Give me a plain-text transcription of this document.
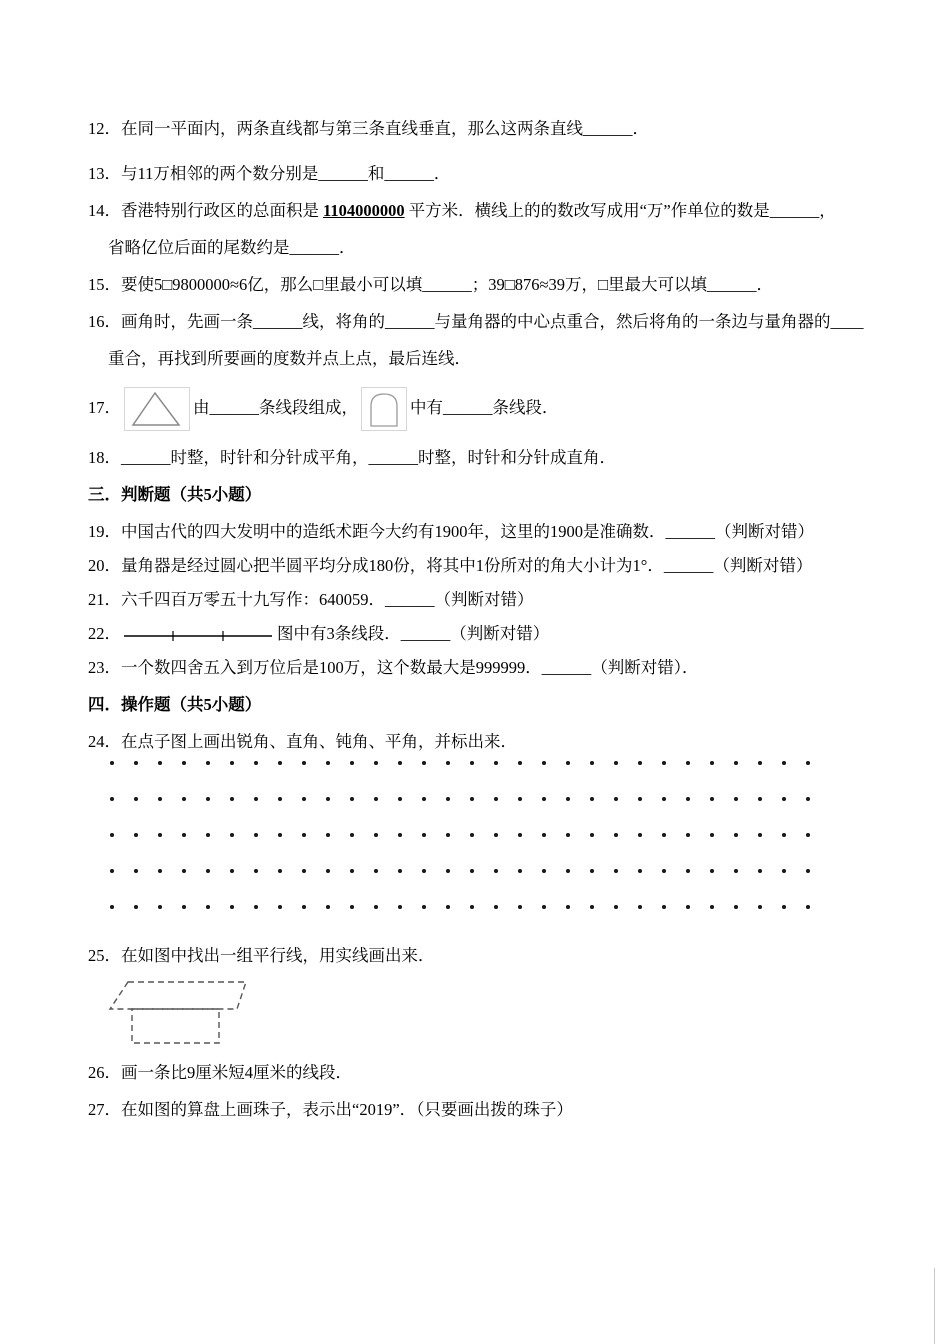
12．在同一平面内，两条直线都与第三条直线垂直，那么这两条直线______．

13．与11万相邻的两个数分别是______和______．

14．香港特别行政区的总面积是 1104000000 平方米．横线上的的数改写成用“万”作单位的数是______，

省略亿位后面的尾数约是______．

15．要使5□9800000≈6亿，那么□里最小可以填______；39□876≈39万，□里最大可以填______．

16．画角时，先画一条______线，将角的______与量角器的中心点重合，然后将角的一条边与量角器的____

重合，再找到所要画的度数并点上点，最后连线．

17．	由______条线段组成，	中有______条线段．

18．______时整，时针和分针成平角，______时整，时针和分针成直角．

三．判断题（共5小题）

19．中国古代的四大发明中的造纸术距今大约有1900年，这里的1900是准确数．______（判断对错）

20．量角器是经过圆心把半圆平均分成180份，将其中1份所对的角大小计为1°．______（判断对错）

21．六千四百万零五十九写作：640059．______（判断对错）

22．	图中有3条线段．______（判断对错）

23．一个数四舍五入到万位后是100万，这个数最大是999999．______（判断对错）．

四．操作题（共5小题）

24．在点子图上画出锐角、直角、钝角、平角，并标出来．

25．在如图中找出一组平行线，用实线画出来．

26．画一条比9厘米短4厘米的线段．

27．在如图的算盘上画珠子，表示出“2019”．（只要画出拨的珠子）
